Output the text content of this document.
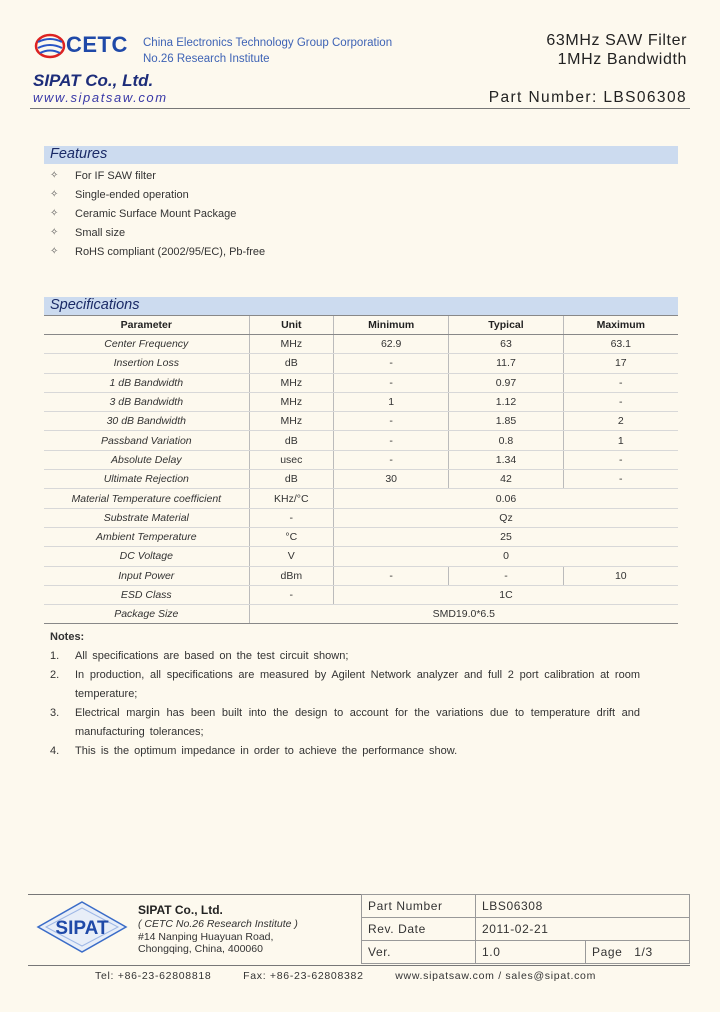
CETC China Electronics Technology Group Corporation
No.26 Research Institute
SIPAT Co., Ltd.
www.sipatsaw.com
63MHz SAW Filter
1MHz Bandwidth
Part Number: LBS06308
Features
✧	For IF SAW filter
✧	Single-ended operation
✧	Ceramic Surface Mount Package
✧	Small size
✧	RoHS compliant (2002/95/EC), Pb-free
Specifications
Parameter	Unit	Minimum	Typical	Maximum
Center Frequency	MHz	62.9	63	63.1
Insertion Loss	dB	-	11.7	17
1 dB Bandwidth	MHz	-	0.97	-
3 dB Bandwidth	MHz	1	1.12	-
30 dB Bandwidth	MHz	-	1.85	2
Passband Variation	dB	-	0.8	1
Absolute Delay	usec	-	1.34	-
Ultimate Rejection	dB	30	42	-
Material Temperature coefficient	KHz/°C	0.06		
Substrate Material	-	Qz		
Ambient Temperature	°C	25		
DC Voltage	V	0		
Input Power	dBm	-	-	10
ESD Class	-	1C		
Package Size	SMD19.0*6.5			
Notes:
1.	All specifications are based on the test circuit shown;
2.	In production, all specifications are measured by Agilent Network analyzer and full 2 port calibration at room temperature;
3.	Electrical margin has been built into the design to account for the variations due to temperature drift and manufacturing tolerances;
4.	This is the optimum impedance in order to achieve the performance show.
SIPAT
SIPAT Co., Ltd.
( CETC No.26 Research Institute )
#14 Nanping Huayuan Road,
Chongqing, China, 400060
Part Number	LBS06308	
Rev. Date	2011-02-21	
Ver.	1.0	Page 1/3
Tel: +86-23-62808818	Fax: +86-23-62808382	www.sipatsaw.com / sales@sipat.com
